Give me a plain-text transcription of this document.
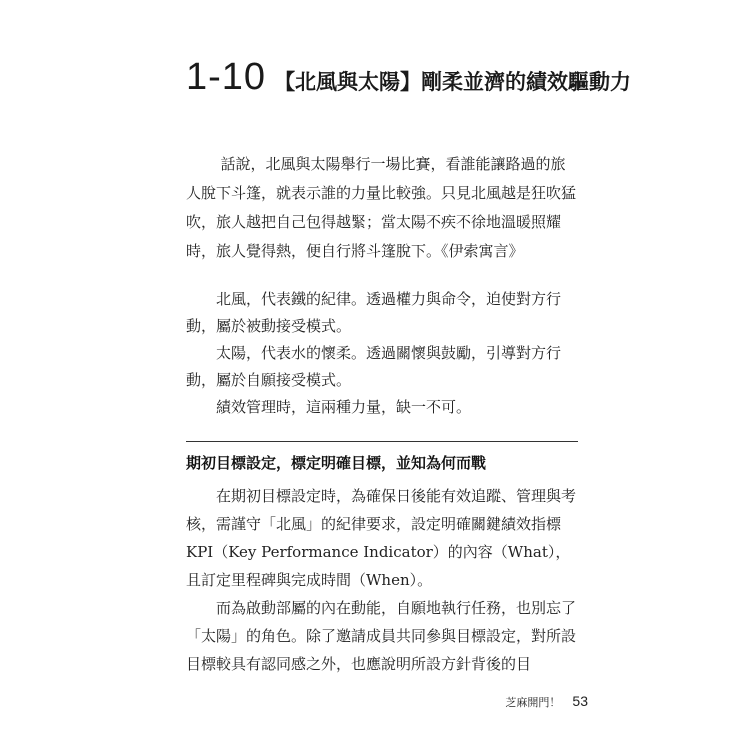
1-10 【北風與太陽】剛柔並濟的績效驅動力

話說，北風與太陽舉行一場比賽，看誰能讓路過的旅人脫下斗篷，就表示誰的力量比較強。只見北風越是狂吹猛吹，旅人越把自己包得越緊；當太陽不疾不徐地溫暖照耀時，旅人覺得熱，便自行將斗篷脫下。《伊索寓言》

北風，代表鐵的紀律。透過權力與命令，迫使對方行動，屬於被動接受模式。

太陽，代表水的懷柔。透過關懷與鼓勵，引導對方行動，屬於自願接受模式。

績效管理時，這兩種力量，缺一不可。

期初目標設定，標定明確目標，並知為何而戰

在期初目標設定時，為確保日後能有效追蹤、管理與考核，需謹守「北風」的紀律要求，設定明確關鍵績效指標 KPI（Key Performance Indicator）的內容（What），且訂定里程碑與完成時間（When）。

而為啟動部屬的內在動能，自願地執行任務，也別忘了「太陽」的角色。除了邀請成員共同參與目標設定，對所設目標較具有認同感之外，也應說明所設方針背後的目

芝麻開門！ 53
